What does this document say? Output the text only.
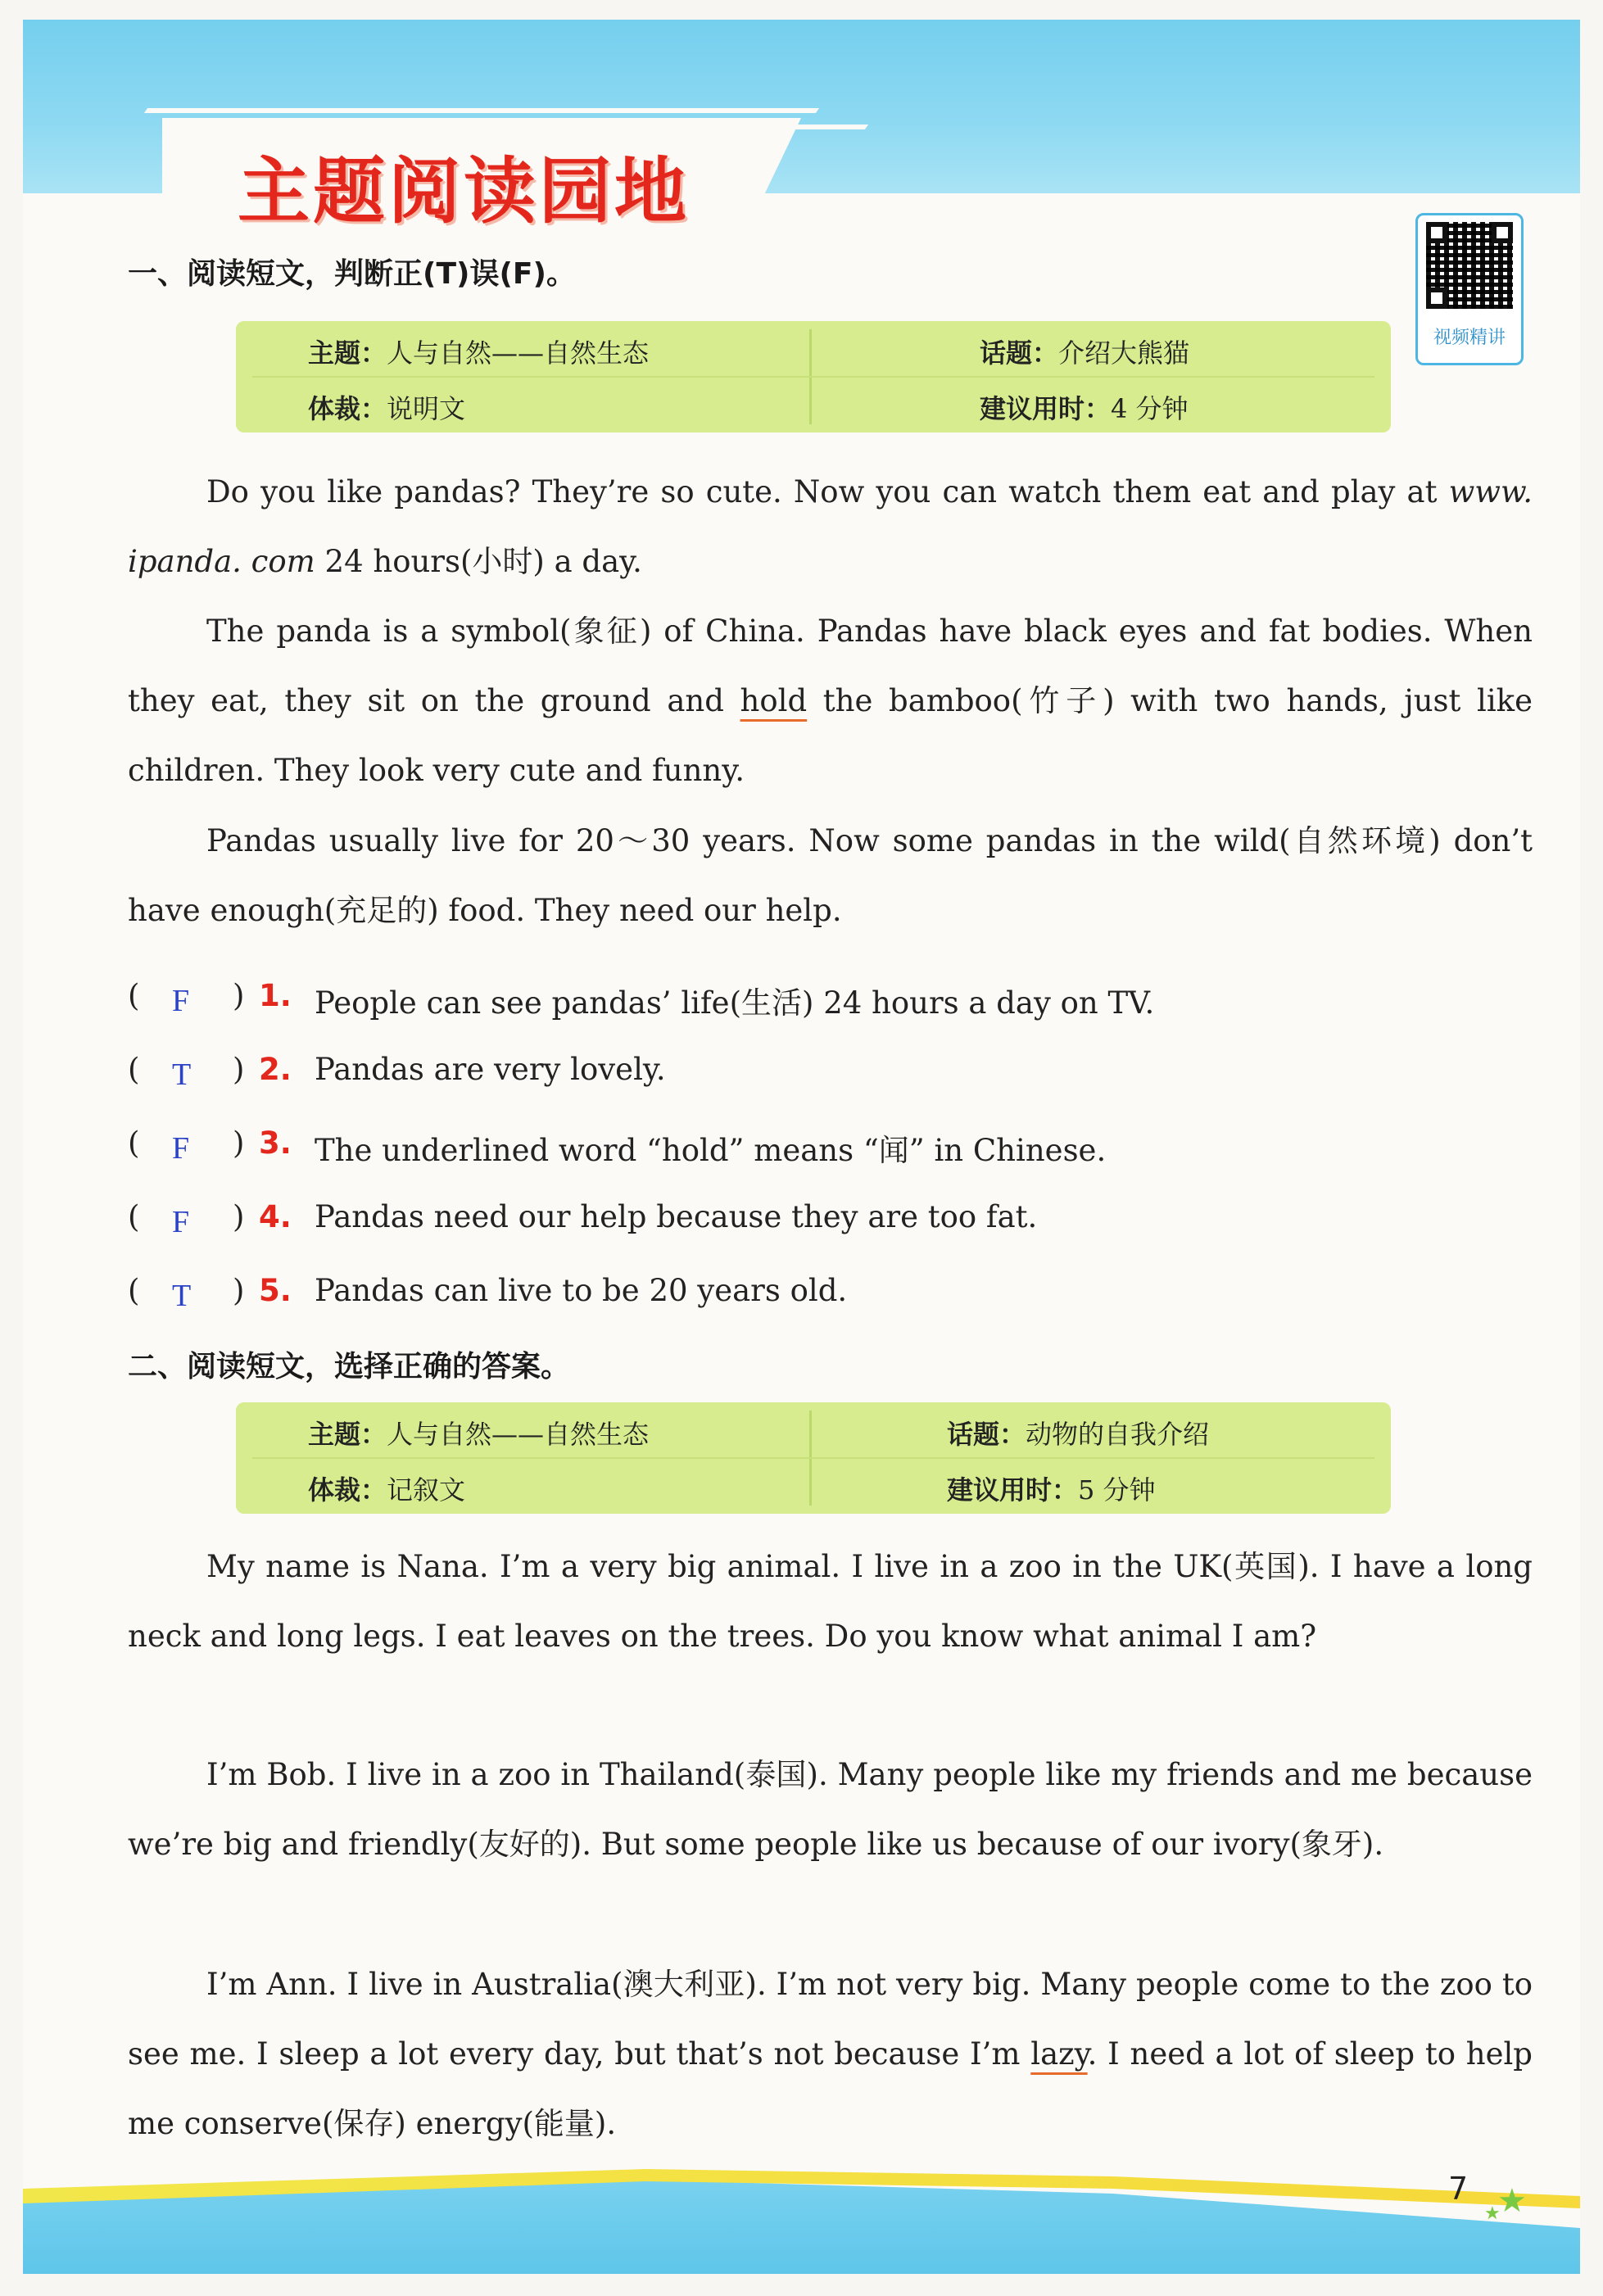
主题阅读园地
视频精讲
一、阅读短文，判断正(T)误(F)。
主题：人与自然——自然生态	话题：介绍大熊猫
体裁：说明文	建议用时：4 分钟

Do you like pandas? They’re so cute. Now you can watch them eat and play at www. ipanda. com 24 hours(小时) a day.

The panda is a symbol(象征) of China. Pandas have black eyes and fat bodies. When they eat, they sit on the ground and hold the bamboo(竹子) with two hands, just like children. They look very cute and funny.

Pandas usually live for 20～30 years. Now some pandas in the wild(自然环境) don’t have enough(充足的) food. They need our help.

( F ) 1. People can see pandas’ life(生活) 24 hours a day on TV.
( T ) 2. Pandas are very lovely.
( F ) 3. The underlined word “hold” means “闻” in Chinese.
( F ) 4. Pandas need our help because they are too fat.
( T ) 5. Pandas can live to be 20 years old.
二、阅读短文，选择正确的答案。
主题：人与自然——自然生态	话题：动物的自我介绍
体裁：记叙文	建议用时：5 分钟

My name is Nana. I’m a very big animal. I live in a zoo in the UK(英国). I have a long neck and long legs. I eat leaves on the trees. Do you know what animal I am?

I’m Bob. I live in a zoo in Thailand(泰国). Many people like my friends and me because we’re big and friendly(友好的). But some people like us because of our ivory(象牙).

I’m Ann. I live in Australia(澳大利亚). I’m not very big. Many people come to the zoo to see me. I sleep a lot every day, but that’s not because I’m lazy. I need a lot of sleep to help me conserve(保存) energy(能量).

7 ★
★
